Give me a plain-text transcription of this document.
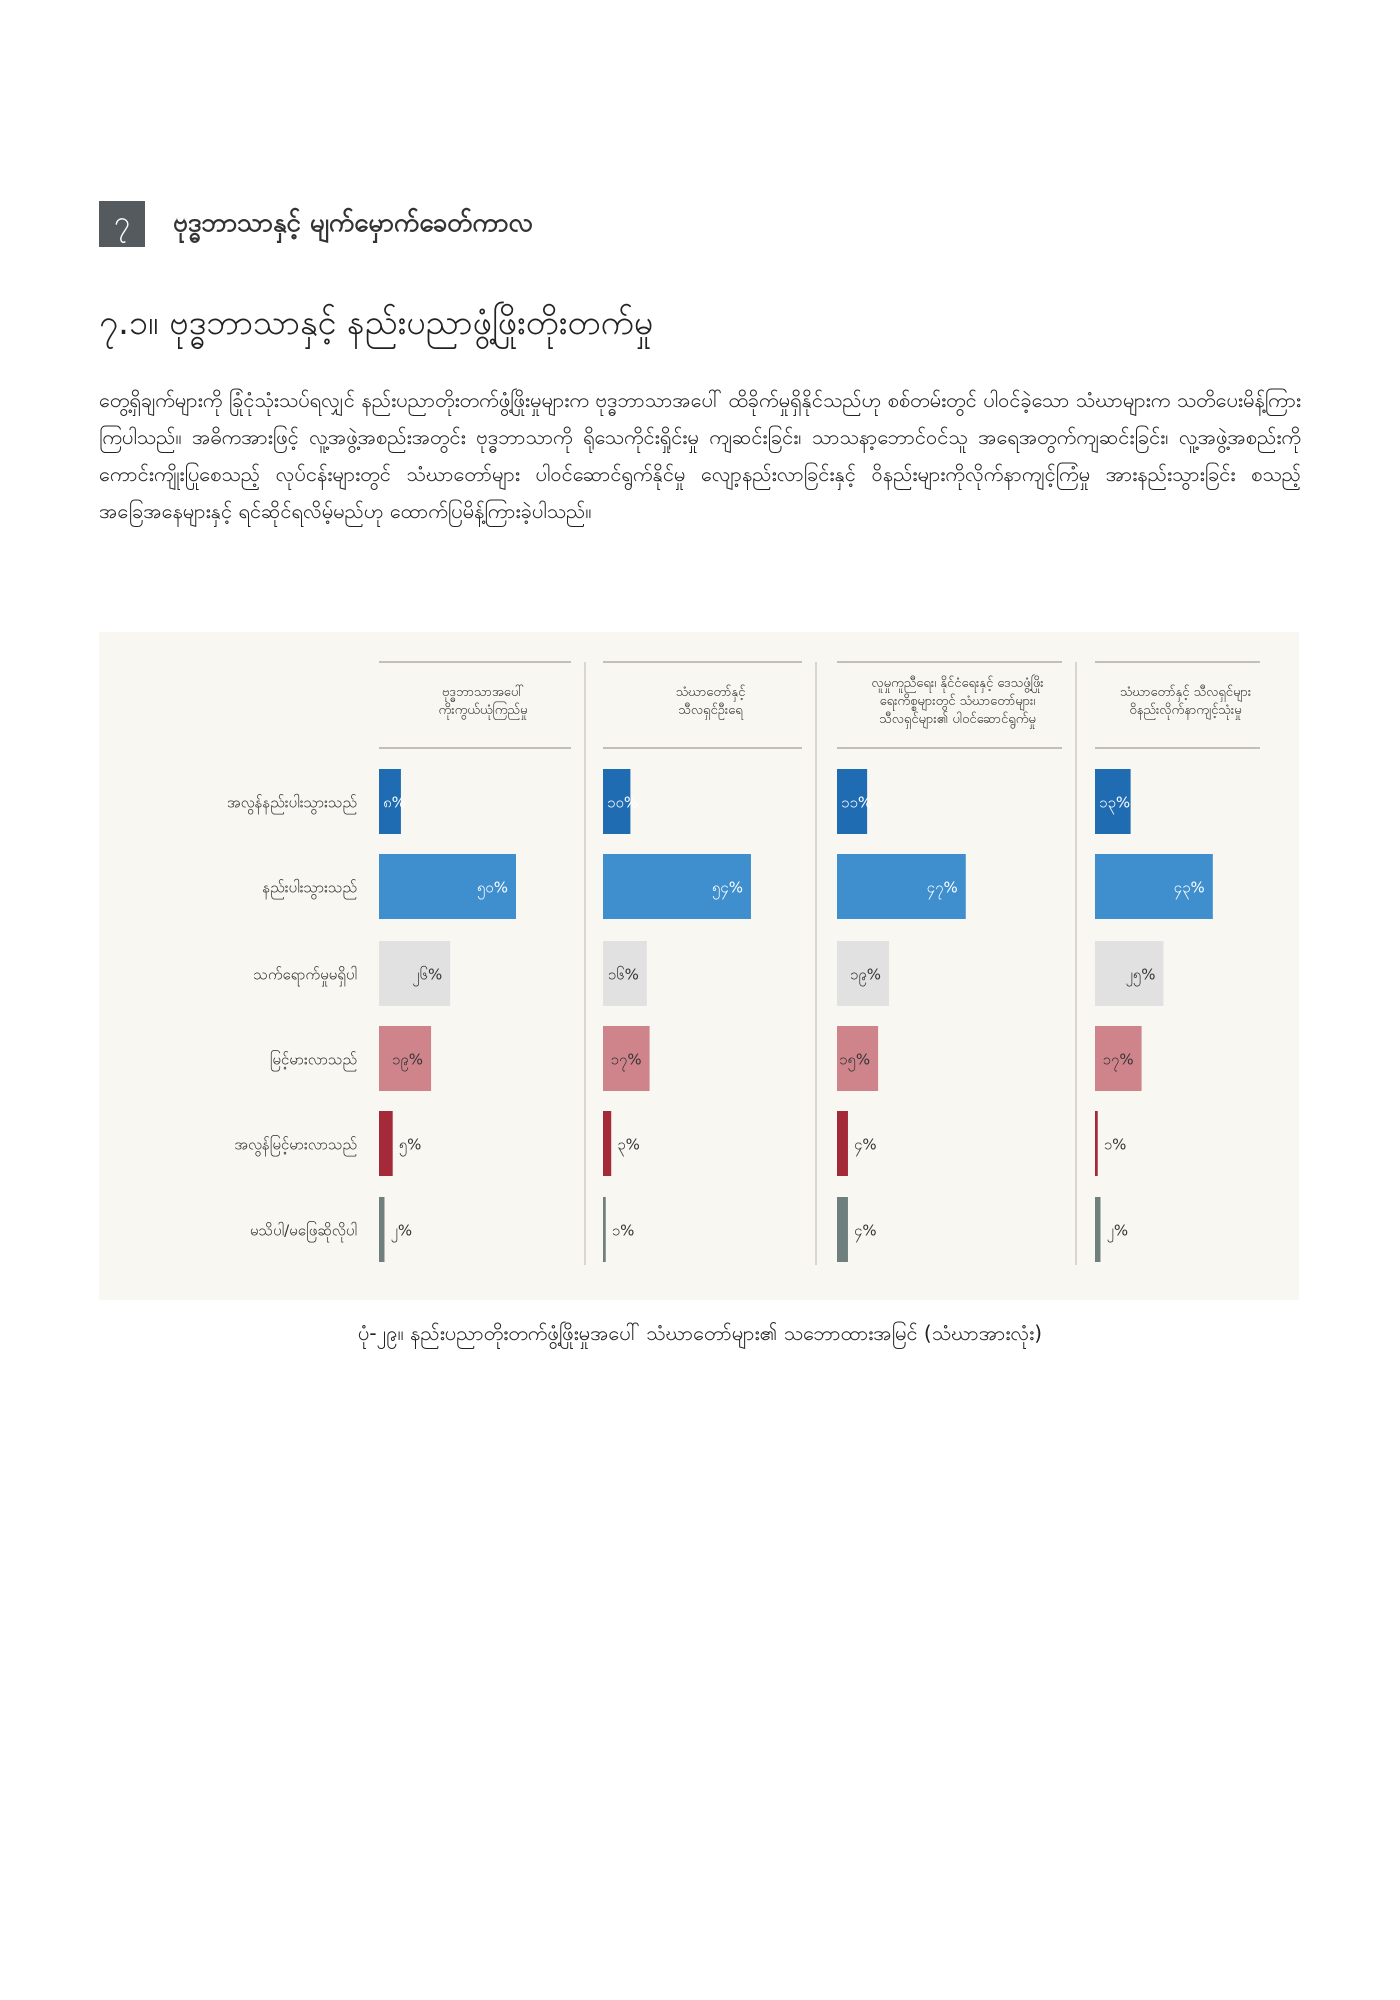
၇	ဗုဒ္ဓဘာသာနှင့် မျက်မှောက်ခေတ်ကာလ
၇.၁။ ဗုဒ္ဓဘာသာနှင့် နည်းပညာဖွံ့ဖြိုးတိုးတက်မှု
တွေ့ရှိချက်များကို ခြုံငုံသုံးသပ်ရလျှင် နည်းပညာတိုးတက်ဖွံ့ဖြိုးမှုများက ဗုဒ္ဓဘာသာအပေါ် ထိခိုက်မှုရှိနိုင်သည်ဟု စစ်တမ်းတွင် ပါဝင်ခဲ့သော သံဃာများက သတိပေးမိန့်ကြားကြပါသည်။ အဓိကအားဖြင့် လူ့အဖွဲ့အစည်းအတွင်း ဗုဒ္ဓဘာသာကို ရိုသေကိုင်းရှိုင်းမှု ကျဆင်းခြင်း၊ သာသနာ့ဘောင်ဝင်သူ အရေအတွက်ကျဆင်းခြင်း၊ လူ့အဖွဲ့အစည်းကို ကောင်းကျိုးပြုစေသည့် လုပ်ငန်းများတွင် သံဃာတော်များ ပါဝင်ဆောင်ရွက်နိုင်မှု လျော့နည်းလာခြင်းနှင့် ဝိနည်းများကိုလိုက်နာကျင့်ကြံမှု အားနည်းသွားခြင်း စသည့် အခြေအနေများနှင့် ရင်ဆိုင်ရလိမ့်မည်ဟု ထောက်ပြမိန့်ကြားခဲ့ပါသည်။
အလွန်နည်းပါးသွားသည်
နည်းပါးသွားသည်
သက်ရောက်မှုမရှိပါ
မြင့်မားလာသည်
အလွန်မြင့်မားလာသည်
မသိပါ/မဖြေဆိုလိုပါ
ဗုဒ္ဓဘာသာအပေါ်ကိုးကွယ်ယုံကြည်မှု
၈%
၅၀%
၂၆%
၁၉%
၅%
၂%
သံဃာတော်နှင့်သီလရှင်ဦးရေ
၁၀%
၅၄%
၁၆%
၁၇%
၃%
၁%
လူမှုကူညီရေး၊ နိုင်ငံရေးနှင့် ဒေသဖွံ့ဖြိုးရေးကိစ္စများတွင် သံဃာတော်များ၊သီလရှင်များ၏ ပါဝင်ဆောင်ရွက်မှု
၁၁%
၄၇%
၁၉%
၁၅%
၄%
၄%
သံဃာတော်နှင့် သီလရှင်များဝိနည်းလိုက်နာကျင့်သုံးမှု
၁၃%
၄၃%
၂၅%
၁၇%
၁%
၂%
ပုံ-၂၉။ နည်းပညာတိုးတက်ဖွံ့ဖြိုးမှုအပေါ် သံဃာတော်များ၏ သဘောထားအမြင် (သံဃာအားလုံး)
